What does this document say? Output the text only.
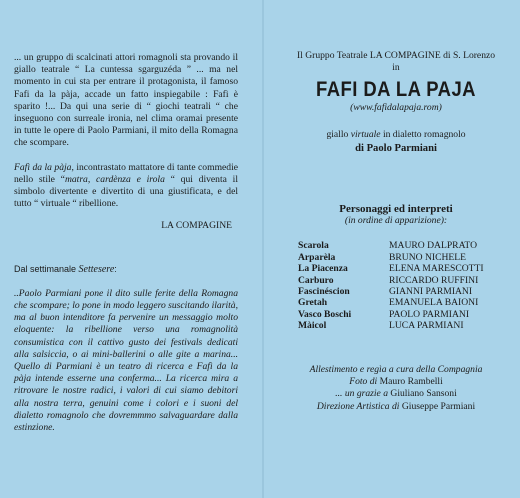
... un gruppo di scalcinati attori romagnoli sta provando il giallo teatrale “ La cuntessa sgarguzéda ” ... ma nel momento in cui sta per entrare il protagonista, il famoso Fafi da la pàja, accade un fatto inspiegabile : Fafì è sparito !... Da qui una serie di “ giochi teatrali “ che inseguono con surreale ironia, nel clima oramai presente in tutte le opere di Paolo Parmiani, il mito della Romagna che scompare.

Fafì da la pàja, incontrastato mattatore di tante commedie nello stile “matra, cardènza e irola “ qui diventa il simbolo divertente e divertito di una giustificata, e del tutto “ virtuale “ ribellione.

LA COMPAGINE
Dal settimanale Settesere:

..Paolo Parmiani pone il dito sulle ferite della Romagna che scompare; lo pone in modo leggero suscitando ilarità, ma al buon intenditore fa pervenire un messaggio molto eloquente: la ribellione verso una romagnolità consumistica con il cattivo gusto dei festivals dedicati alla salsiccia, o ai mini-ballerini o alle gite a marina... Quello di Parmiani è un teatro di ricerca e Fafì da la pàja intende esserne una conferma... La ricerca mira a ritrovare le nostre radici, i valori di cui siamo debitori alla nostra terra, genuini come i colori e i suoni del dialetto romagnolo che dovremmmo salvaguardare dalla estinzione.

Il Gruppo Teatrale LA COMPAGINE di S. Lorenzo
in
FAFI DA LA PAJA
(www.fafidalapaja.rom)
giallo virtuale in dialetto romagnolo
di Paolo Parmiani
Personaggi ed interpreti
(in ordine di apparizione):
Scarola	MAURO DALPRATO
Arparèla	BRUNO NICHELE
La Piacenza	ELENA MARESCOTTI
Carburo	RICCARDO RUFFINI
Fascinéscion	GIANNI PARMIANI
Gretah	EMANUELA BAIONI
Vasco Boschi	PAOLO PARMIANI
Màicol	LUCA PARMIANI
Allestimento e regìa a cura della Compagnia
Foto di Mauro Rambelli
... un grazie a Giuliano Sansoni
Direzione Artistica di Giuseppe Parmiani
